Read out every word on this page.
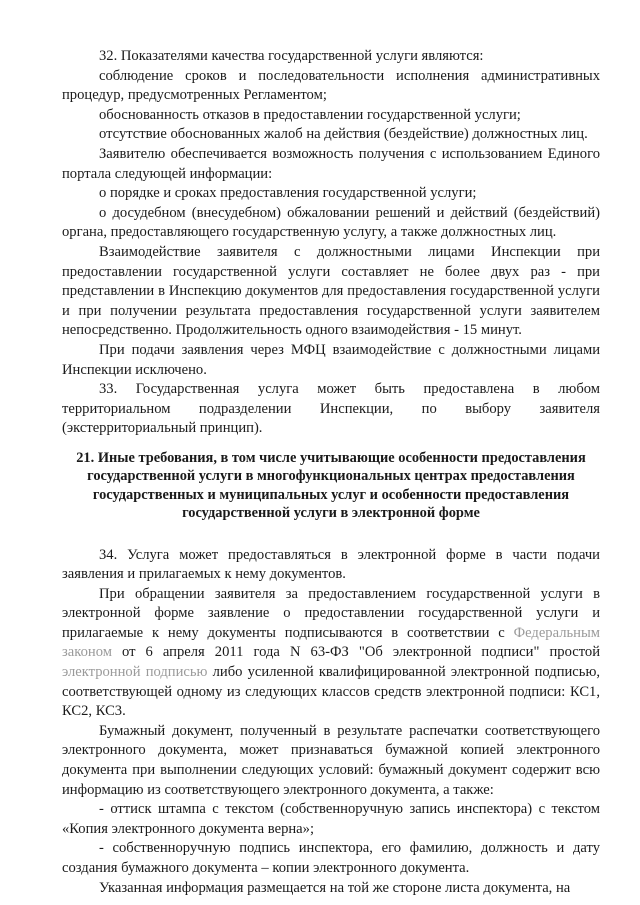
32. Показателями качества государственной услуги являются:

соблюдение сроков и последовательности исполнения административных процедур, предусмотренных Регламентом;

обоснованность отказов в предоставлении государственной услуги;

отсутствие обоснованных жалоб на действия (бездействие) должностных лиц.

Заявителю обеспечивается возможность получения с использованием Единого портала следующей информации:

о порядке и сроках предоставления государственной услуги;

о досудебном (внесудебном) обжаловании решений и действий (бездействий) органа, предоставляющего государственную услугу, а также должностных лиц.

Взаимодействие заявителя с должностными лицами Инспекции при предоставлении государственной услуги составляет не более двух раз - при представлении в Инспекцию документов для предоставления государственной услуги и при получении результата предоставления государственной услуги заявителем непосредственно. Продолжительность одного взаимодействия - 15 минут.

При подачи заявления через МФЦ взаимодействие с должностными лицами Инспекции исключено.

33. Государственная услуга может быть предоставлена в любом территориальном подразделении Инспекции, по выбору заявителя (экстерриториальный принцип).

21. Иные требования, в том числе учитывающие особенности предоставления государственной услуги в многофункциональных центрах предоставления государственных и муниципальных услуг и особенности предоставления государственной услуги в электронной форме

34. Услуга может предоставляться в электронной форме в части подачи заявления и прилагаемых к нему документов.

При обращении заявителя за предоставлением государственной услуги в электронной форме заявление о предоставлении государственной услуги и прилагаемые к нему документы подписываются в соответствии с Федеральным законом от 6 апреля 2011 года N 63-ФЗ "Об электронной подписи" простой электронной подписью либо усиленной квалифицированной электронной подписью, соответствующей одному из следующих классов средств электронной подписи: КС1, КС2, КС3.

Бумажный документ, полученный в результате распечатки соответствующего электронного документа, может признаваться бумажной копией электронного документа при выполнении следующих условий: бумажный документ содержит всю информацию из соответствующего электронного документа, а также:

- оттиск штампа с текстом (собственноручную запись инспектора) с текстом «Копия электронного документа верна»;

- собственноручную подпись инспектора, его фамилию, должность и дату создания бумажного документа – копии электронного документа.

Указанная информация размещается на той же стороне листа документа, на
